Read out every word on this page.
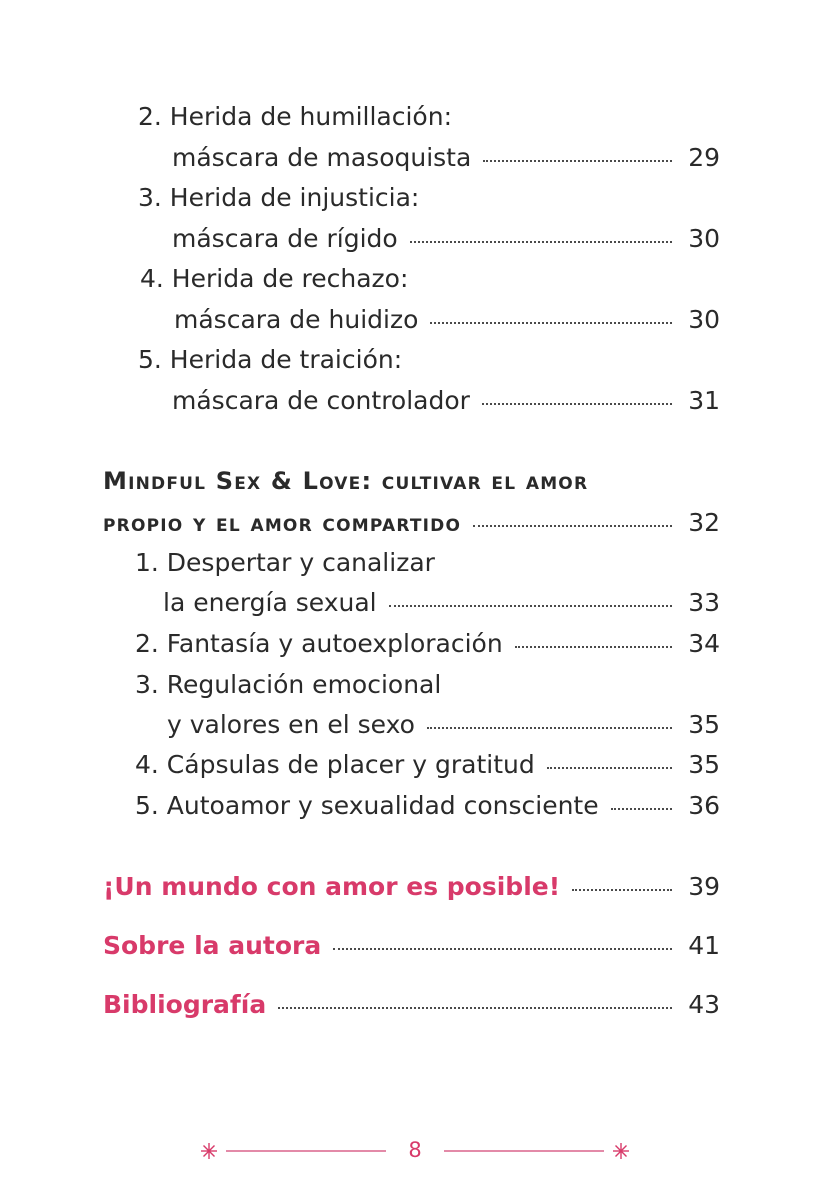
2. Herida de humillación:
máscara de masoquista	29
3. Herida de injusticia:
máscara de rígido	30
4. Herida de rechazo:
máscara de huidizo	30
5. Herida de traición:
máscara de controlador	31
Mindful Sex & Love: cultivar el amor
propio y el amor compartido	32
1. Despertar y canalizar
la energía sexual	33
2. Fantasía y autoexploración	34
3. Regulación emocional
y valores en el sexo	35
4. Cápsulas de placer y gratitud	35
5. Autoamor y sexualidad consciente	36
¡Un mundo con amor es posible!	39
Sobre la autora	41
Bibliografía	43
8
